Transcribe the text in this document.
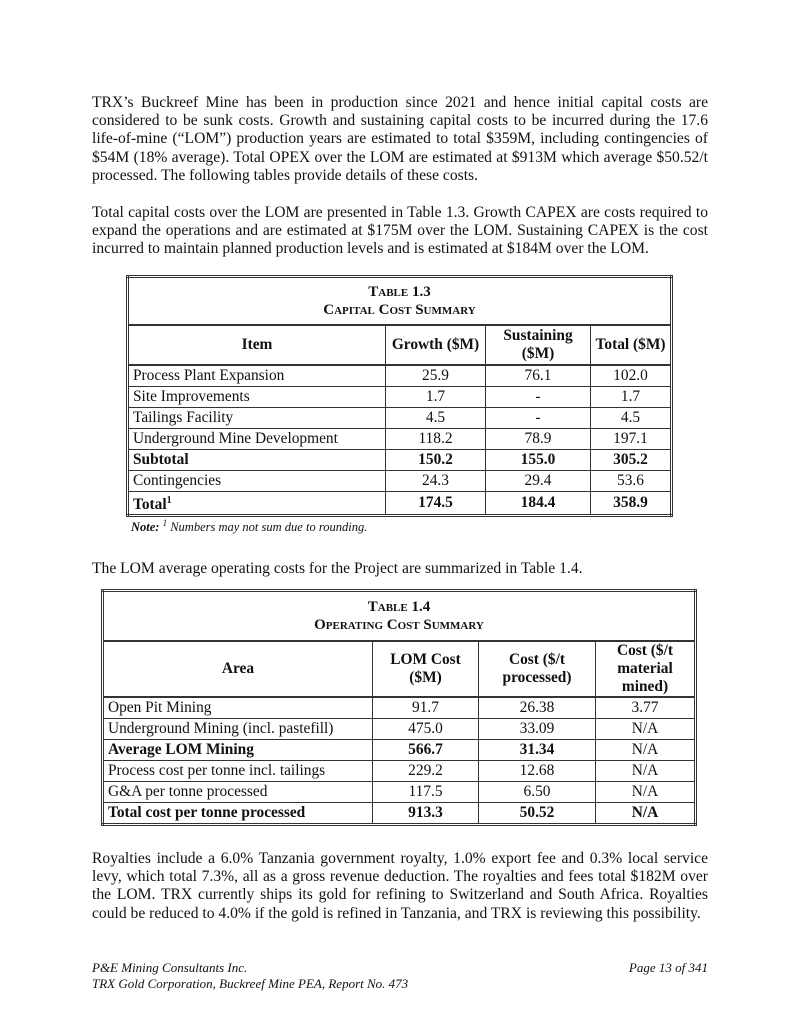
TRX’s Buckreef Mine has been in production since 2021 and hence initial capital costs are considered to be sunk costs. Growth and sustaining capital costs to be incurred during the 17.6 life-of-mine (“LOM”) production years are estimated to total $359M, including contingencies of $54M (18% average). Total OPEX over the LOM are estimated at $913M which average $50.52/t processed. The following tables provide details of these costs.

Total capital costs over the LOM are presented in Table 1.3. Growth CAPEX are costs required to expand the operations and are estimated at $175M over the LOM. Sustaining CAPEX is the cost incurred to maintain planned production levels and is estimated at $184M over the LOM.

Table 1.3
Capital Cost Summary			
Item	Growth ($M)	Sustaining ($M)	Total ($M)
Process Plant Expansion	25.9	76.1	102.0
Site Improvements	1.7	-	1.7
Tailings Facility	4.5	-	4.5
Underground Mine Development	118.2	78.9	197.1
Subtotal	150.2	155.0	305.2
Contingencies	24.3	29.4	53.6
Total$^1$	174.5	184.4	358.9
Note: $^1$ Numbers may not sum due to rounding.

The LOM average operating costs for the Project are summarized in Table 1.4.

Table 1.4
Operating Cost Summary			
Area	LOM Cost ($M)	Cost ($/t processed)	Cost ($/t material mined)
Open Pit Mining	91.7	26.38	3.77
Underground Mining (incl. pastefill)	475.0	33.09	N/A
Average LOM Mining	566.7	31.34	N/A
Process cost per tonne incl. tailings	229.2	12.68	N/A
G&A per tonne processed	117.5	6.50	N/A
Total cost per tonne processed	913.3	50.52	N/A

Royalties include a 6.0% Tanzania government royalty, 1.0% export fee and 0.3% local service levy, which total 7.3%, all as a gross revenue deduction. The royalties and fees total $182M over the LOM. TRX currently ships its gold for refining to Switzerland and South Africa. Royalties could be reduced to 4.0% if the gold is refined in Tanzania, and TRX is reviewing this possibility.

P&E Mining Consultants Inc.
TRX Gold Corporation, Buckreef Mine PEA, Report No. 473
Page 13 of 341
